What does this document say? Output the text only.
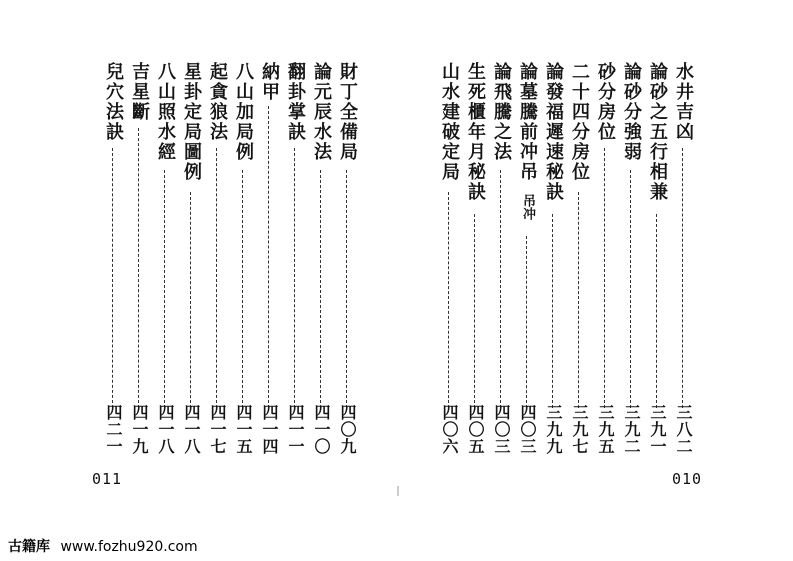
財丁全備局
四〇九
論元辰水法
四一〇
翻卦掌訣
四一一
納甲
四一四
八山加局例
四一五
起貪狼法
四一七
星卦定局圖例
四一八
八山照水經
四一八
吉星斷
四一九
兒穴法訣
四二一
011
水井吉凶
三八二
論砂之五行相兼
三九一
論砂分強弱
三九二
砂分房位
三九五
二十四分房位
三九七
論發福遲速秘訣
三九九
論墓騰前冲吊
吊冲
四〇三
論飛騰之法
四〇三
生死櫃年月秘訣
四〇五
山水建破定局
四〇六
010
古籍库 www.fozhu920.com
